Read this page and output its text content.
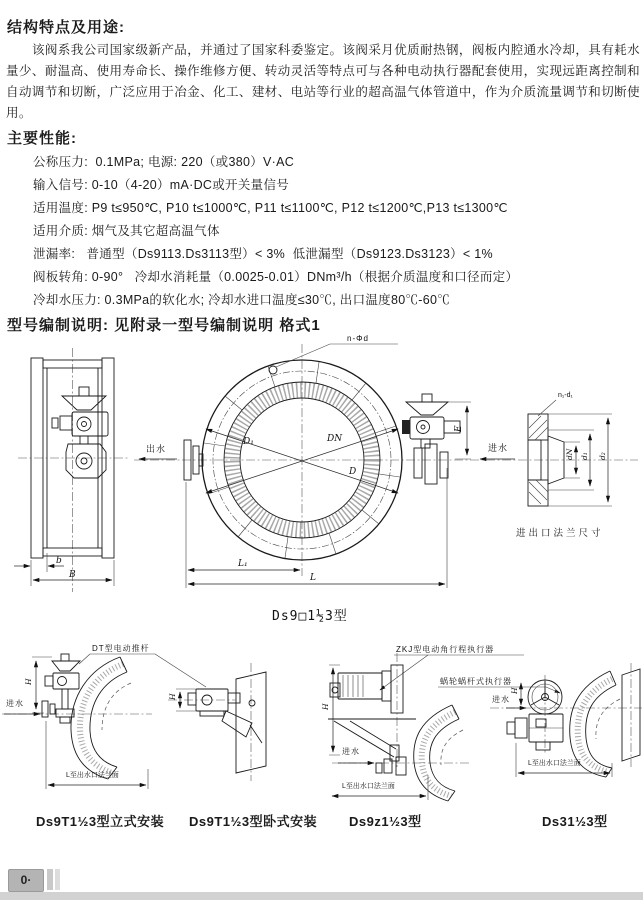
结构特点及用途:
该阀系我公司国家级新产品，并通过了国家科委鉴定。该阀采月优质耐热钢，阀板内腔通水冷却，具有耗水量少、耐温高、使用寿命长、操作维修方便、转动灵活等特点可与各种电动执行器配套使用，实现远距离控制和自动调节和切断，广泛应用于冶金、化工、建材、电站等行业的超高温气体管道中，作为介质流量调节和切断使用。
主要性能:
公称压力:  0.1MPa; 电源: 220（或380）V·AC
输入信号: 0-10（4-20）mA·DC或开关量信号
适用温度: P9 t≤950℃, P10 t≤1000℃, P11 t≤1100℃, P12 t≤1200℃,P13 t≤1300℃
适用介质: 烟气及其它超高温气体
泄漏率:   普通型（Ds9113.Ds3113型）< 3%  低泄漏型（Ds9123.Ds3123）< 1%
阀板转角: 0-90°   冷却水消耗量（0.0025-0.01）DNm³/h（根据介质温度和口径而定）
冷却水压力: 0.3MPa的软化水; 冷却水进口温度≤30℃, 出口温度80℃-60℃
型号编制说明: 见附录一型号编制说明 格式1
b
B
n-Φd
D₁	DN
D
出水
E
进水
L₁
L
n₁-d₁
dN d₁ d₂
进出口法兰尺寸
Ds9□1½3型
DT型电动推杆
H
进水
L至出水口法兰面
H
ZKJ型电动角行程执行器
进水
H
L至出水口法兰面
蜗轮蜗杆式执行器
进水
H
L至出水口法兰面
Ds9T1½3型立式安装 Ds9T1½3型卧式安装 Ds9z1½3型	Ds31½3型
0·
